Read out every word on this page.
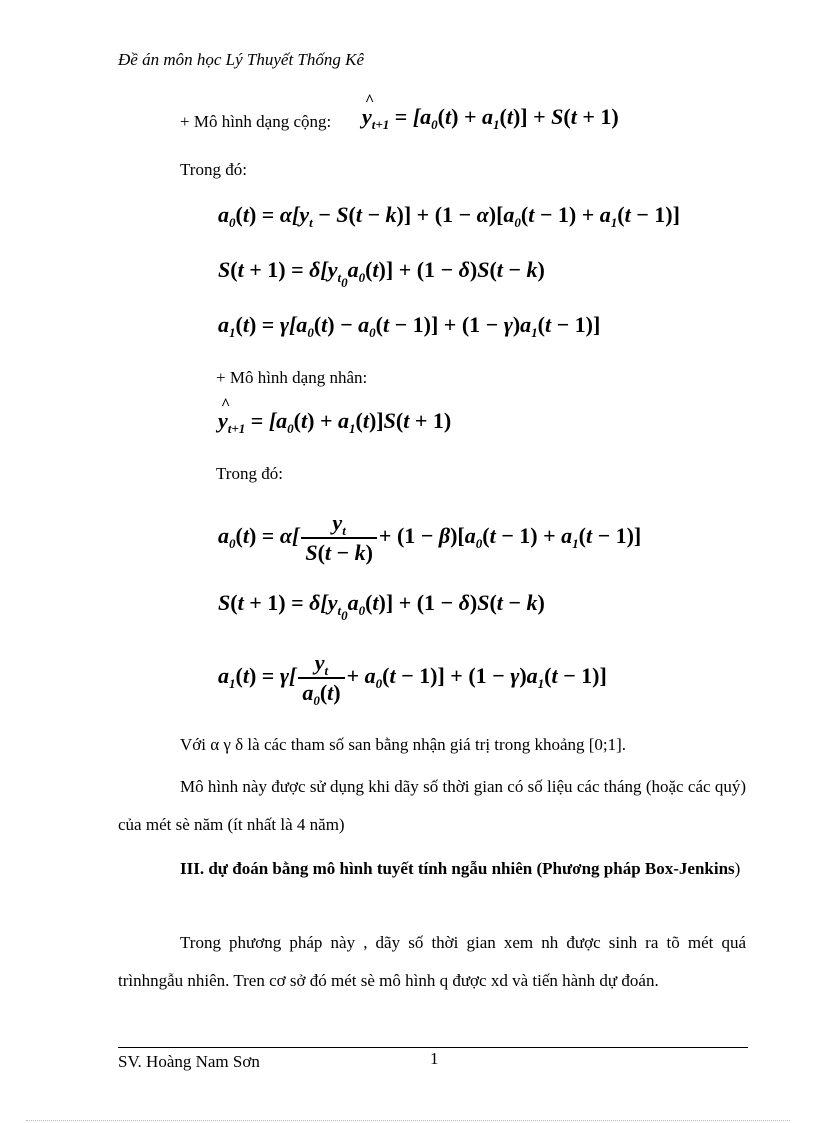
Đề án môn học Lý Thuyết Thống Kê
+ Mô hình dạng cộng:
^ $y_{t+1} = [a_0(t) + a_1(t)] + S(t + 1)$
Trong đó:
$a_0(t) = \alpha[y_t - S(t - k)] + (1 - \alpha)[a_0(t - 1) + a_1(t - 1)]$
$S(t + 1) = \delta[y_{t_0}a_0(t)] + (1 - \delta)S(t - k)$
$a_1(t) = \gamma[a_0(t) - a_0(t - 1)] + (1 - \gamma)a_1(t - 1)$]
+ Mô hình dạng nhân:
^ $y_{t+1} = [a_0(t) + a_1(t)]S(t + 1)$
Trong đó:
$a_0(t) = \alpha[ \frac{y_t}{S(t - k)} + (1 - \beta)[a_0(t - 1) + a_1(t - 1)]$
$S(t + 1) = \delta[y_{t_0}a_0(t)] + (1 - \delta)S(t - k)$
$a_1(t) = \gamma[ \frac{y_t}{a_0(t)} + a_0(t - 1)] + (1 - \gamma)a_1(t - 1)$]
Với α γ δ là các tham số san bằng nhận giá trị trong khoảng [0;1].
Mô hình này được sử dụng khi dãy số thời gian có số liệu các tháng (hoặc các quý) của mét sè năm (ít nhất là 4 năm)
III. dự đoán bằng mô hình tuyết tính ngẫu nhiên (Phương pháp Box-Jenkins)
Trong phương pháp này , dãy số thời gian xem nh được sinh ra tõ mét quá trìnhngẫu nhiên. Tren cơ sở đó mét sè mô hình q được xd và tiến hành dự đoán.
SV. Hoàng Nam Sơn	1
